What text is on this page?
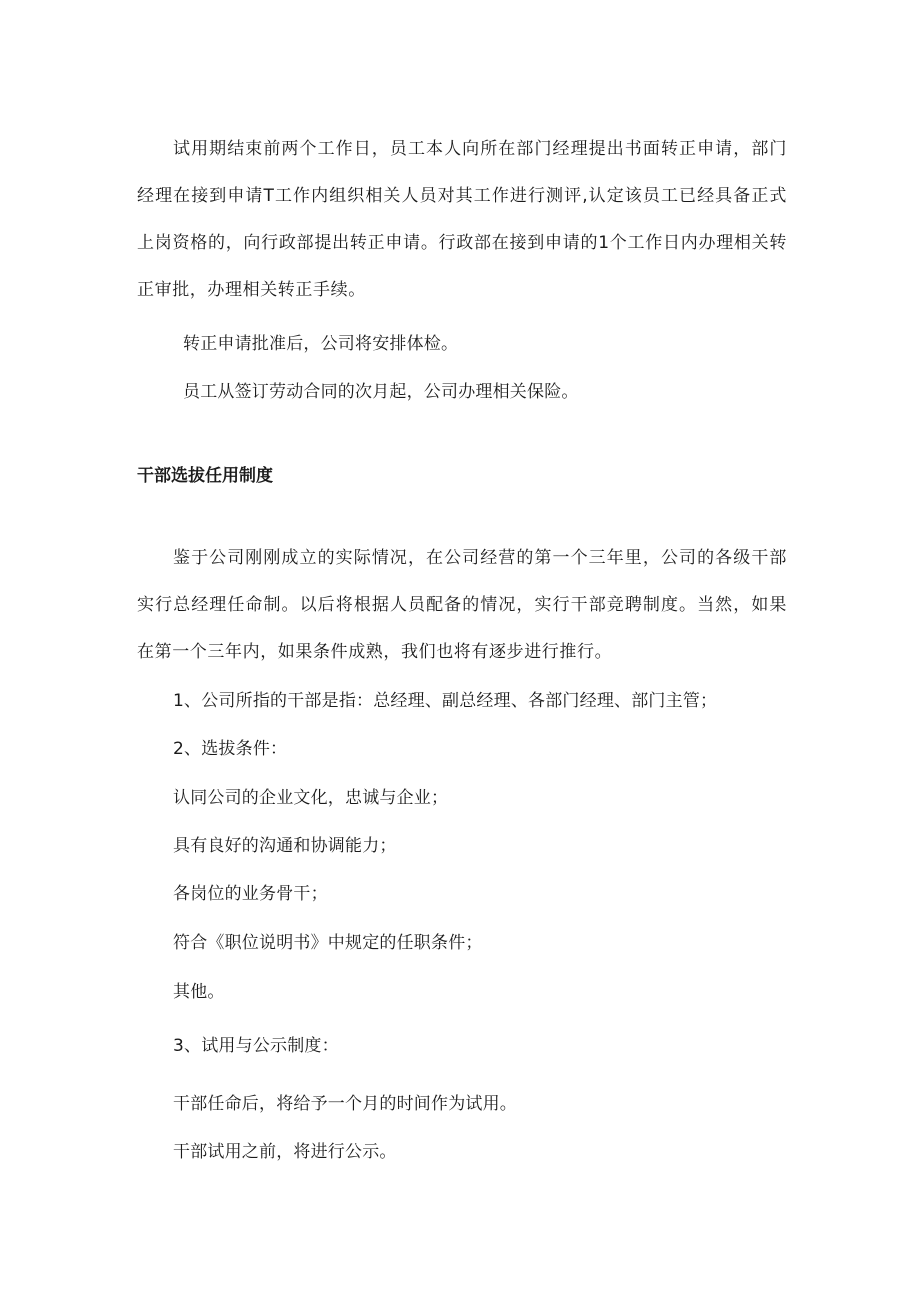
试用期结束前两个工作日，员工本人向所在部门经理提出书面转正申请，部门经理在接到申请T工作内组织相关人员对其工作进行测评,认定该员工已经具备正式上岗资格的，向行政部提出转正申请。行政部在接到申请的1个工作日内办理相关转正审批，办理相关转正手续。
转正申请批准后，公司将安排体检。
员工从签订劳动合同的次月起，公司办理相关保险。
干部选拔任用制度
鉴于公司刚刚成立的实际情况，在公司经营的第一个三年里，公司的各级干部实行总经理任命制。以后将根据人员配备的情况，实行干部竞聘制度。当然，如果在第一个三年内，如果条件成熟，我们也将有逐步进行推行。
1、公司所指的干部是指：总经理、副总经理、各部门经理、部门主管；
2、选拔条件：
认同公司的企业文化，忠诚与企业；
具有良好的沟通和协调能力；
各岗位的业务骨干；
符合《职位说明书》中规定的任职条件；
其他。
3、试用与公示制度：
干部任命后，将给予一个月的时间作为试用。
干部试用之前，将进行公示。
